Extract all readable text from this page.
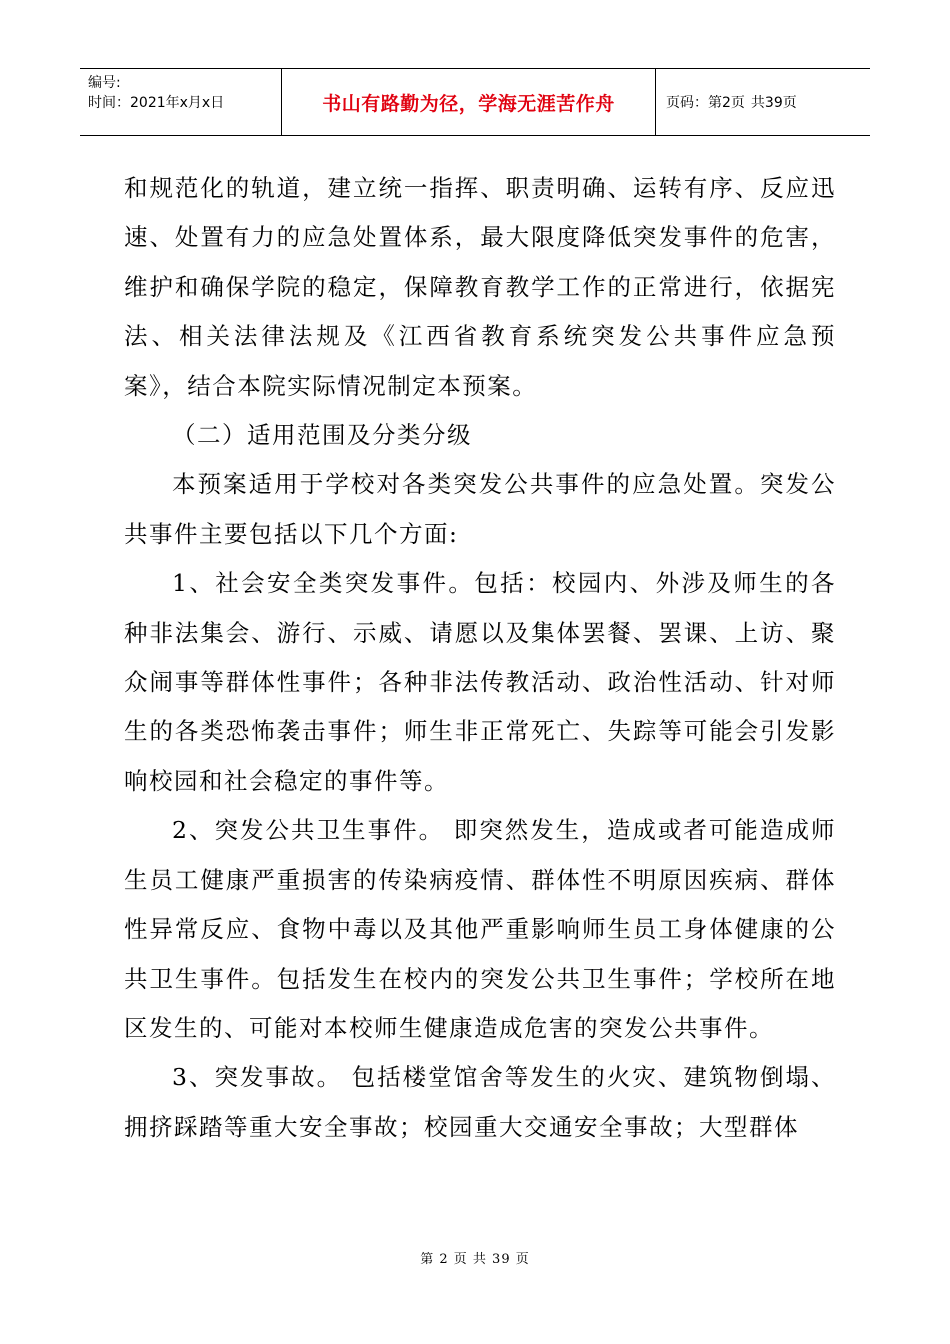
编号:
时间：2021年x月x日	书山有路勤为径，学海无涯苦作舟	页码：第2页 共39页

和规范化的轨道，建立统一指挥、职责明确、运转有序、反应迅速、处置有力的应急处置体系，最大限度降低突发事件的危害，维护和确保学院的稳定，保障教育教学工作的正常进行，依据宪法、相关法律法规及《江西省教育系统突发公共事件应急预案》，结合本院实际情况制定本预案。

（二）适用范围及分类分级

本预案适用于学校对各类突发公共事件的应急处置。突发公共事件主要包括以下几个方面:

1、社会安全类突发事件。包括：校园内、外涉及师生的各种非法集会、游行、示威、请愿以及集体罢餐、罢课、上访、聚众闹事等群体性事件；各种非法传教活动、政治性活动、针对师生的各类恐怖袭击事件；师生非正常死亡、失踪等可能会引发影响校园和社会稳定的事件等。

2、突发公共卫生事件。 即突然发生，造成或者可能造成师生员工健康严重损害的传染病疫情、群体性不明原因疾病、群体性异常反应、食物中毒以及其他严重影响师生员工身体健康的公共卫生事件。包括发生在校内的突发公共卫生事件；学校所在地区发生的、可能对本校师生健康造成危害的突发公共事件。

3、突发事故。 包括楼堂馆舍等发生的火灾、建筑物倒塌、拥挤踩踏等重大安全事故；校园重大交通安全事故；大型群体

第 2 页 共 39 页
